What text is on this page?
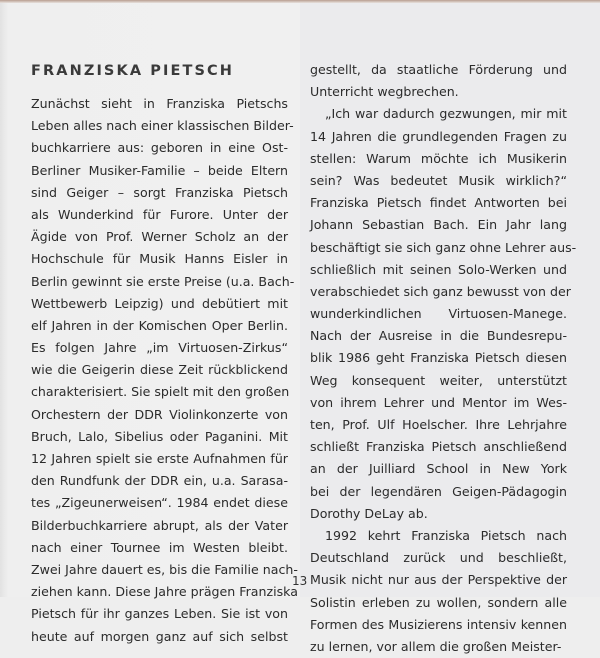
FRANZISKA PIETSCH
Zunächst sieht in Franziska Pietschs
Leben alles nach einer klassischen Bilder-
buchkarriere aus: geboren in eine Ost-
Berliner Musiker-Familie – beide Eltern
sind Geiger – sorgt Franziska Pietsch
als Wunderkind für Furore. Unter der
Ägide von Prof. Werner Scholz an der
Hochschule für Musik Hanns Eisler in
Berlin gewinnt sie erste Preise (u.a. Bach-
Wettbewerb Leipzig) und debütiert mit
elf Jahren in der Komischen Oper Berlin.
Es folgen Jahre „im Virtuosen-Zirkus“
wie die Geigerin diese Zeit rückblickend
charakterisiert. Sie spielt mit den großen
Orchestern der DDR Violinkonzerte von
Bruch, Lalo, Sibelius oder Paganini. Mit
12 Jahren spielt sie erste Aufnahmen für
den Rundfunk der DDR ein, u.a. Sarasa-
tes „Zigeunerweisen“. 1984 endet diese
Bilderbuchkarriere abrupt, als der Vater
nach einer Tournee im Westen bleibt.
Zwei Jahre dauert es, bis die Familie nach-
ziehen kann. Diese Jahre prägen Franziska
Pietsch für ihr ganzes Leben. Sie ist von
heute auf morgen ganz auf sich selbst
gestellt, da staatliche Förderung und
Unterricht wegbrechen.
„Ich war dadurch gezwungen, mir mit
14 Jahren die grundlegenden Fragen zu
stellen: Warum möchte ich Musikerin
sein? Was bedeutet Musik wirklich?“
Franziska Pietsch findet Antworten bei
Johann Sebastian Bach. Ein Jahr lang
beschäftigt sie sich ganz ohne Lehrer aus-
schließlich mit seinen Solo-Werken und
verabschiedet sich ganz bewusst von der
wunderkindlichen Virtuosen-Manege.
Nach der Ausreise in die Bundesrepu-
blik 1986 geht Franziska Pietsch diesen
Weg konsequent weiter, unterstützt
von ihrem Lehrer und Mentor im Wes-
ten, Prof. Ulf Hoelscher. Ihre Lehrjahre
schließt Franziska Pietsch anschließend
an der Juilliard School in New York
bei der legendären Geigen-Pädagogin
Dorothy DeLay ab.
1992 kehrt Franziska Pietsch nach
Deutschland zurück und beschließt,
Musik nicht nur aus der Perspektive der
Solistin erleben zu wollen, sondern alle
Formen des Musizierens intensiv kennen
zu lernen, vor allem die großen Meister-
13
